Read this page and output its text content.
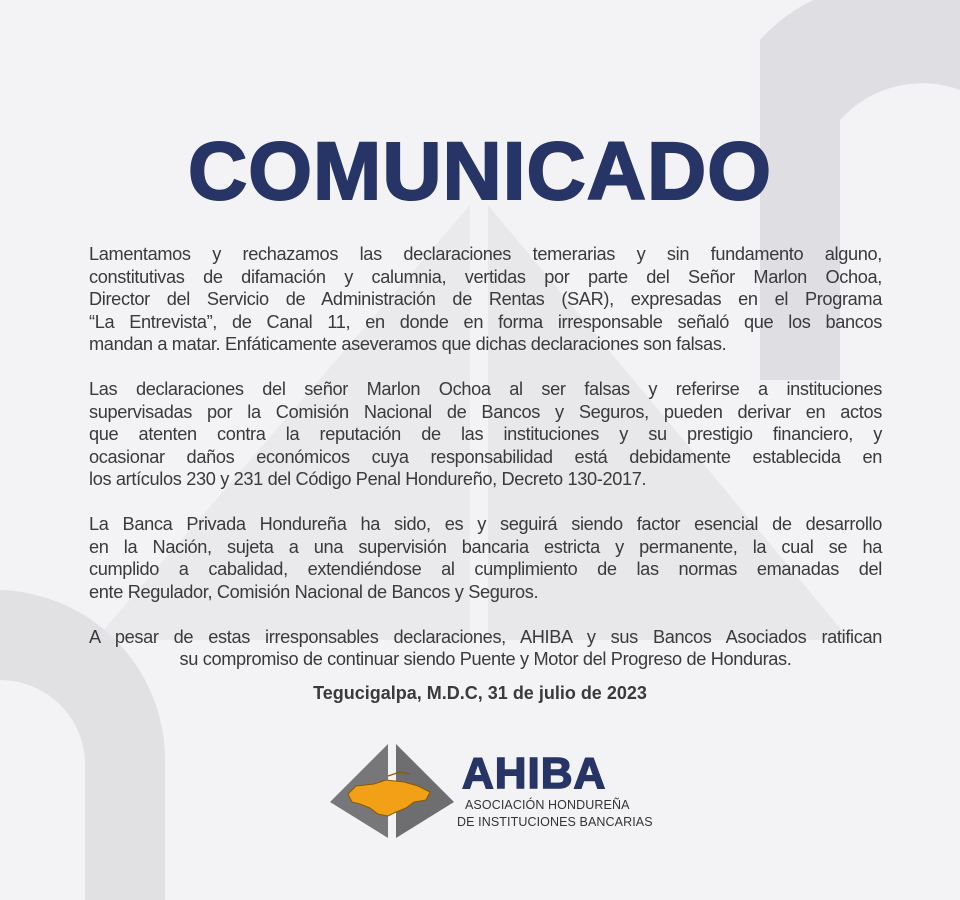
COMUNICADO
Lamentamos y rechazamos las declaraciones temerarias y sin fundamento alguno,
constitutivas de difamación y calumnia, vertidas por parte del Señor Marlon Ochoa,
Director del Servicio de Administración de Rentas (SAR), expresadas en el Programa
“La Entrevista”, de Canal 11, en donde en forma irresponsable señaló que los bancos
mandan a matar. Enfáticamente aseveramos que dichas declaraciones son falsas.
Las declaraciones del señor Marlon Ochoa al ser falsas y referirse a instituciones
supervisadas por la Comisión Nacional de Bancos y Seguros, pueden derivar en actos
que atenten contra la reputación de las instituciones y su prestigio financiero, y
ocasionar daños económicos cuya responsabilidad está debidamente establecida en
los artículos 230 y 231 del Código Penal Hondureño, Decreto 130-2017.
La Banca Privada Hondureña ha sido, es y seguirá siendo factor esencial de desarrollo
en la Nación, sujeta a una supervisión bancaria estricta y permanente, la cual se ha
cumplido a cabalidad, extendiéndose al cumplimiento de las normas emanadas del
ente Regulador, Comisión Nacional de Bancos y Seguros.
A pesar de estas irresponsables declaraciones, AHIBA y sus Bancos Asociados ratifican
su compromiso de continuar siendo Puente y Motor del Progreso de Honduras.
Tegucigalpa, M.D.C, 31 de julio de 2023
AHIBA
ASOCIACIÓN HONDUREÑA
DE INSTITUCIONES BANCARIAS
